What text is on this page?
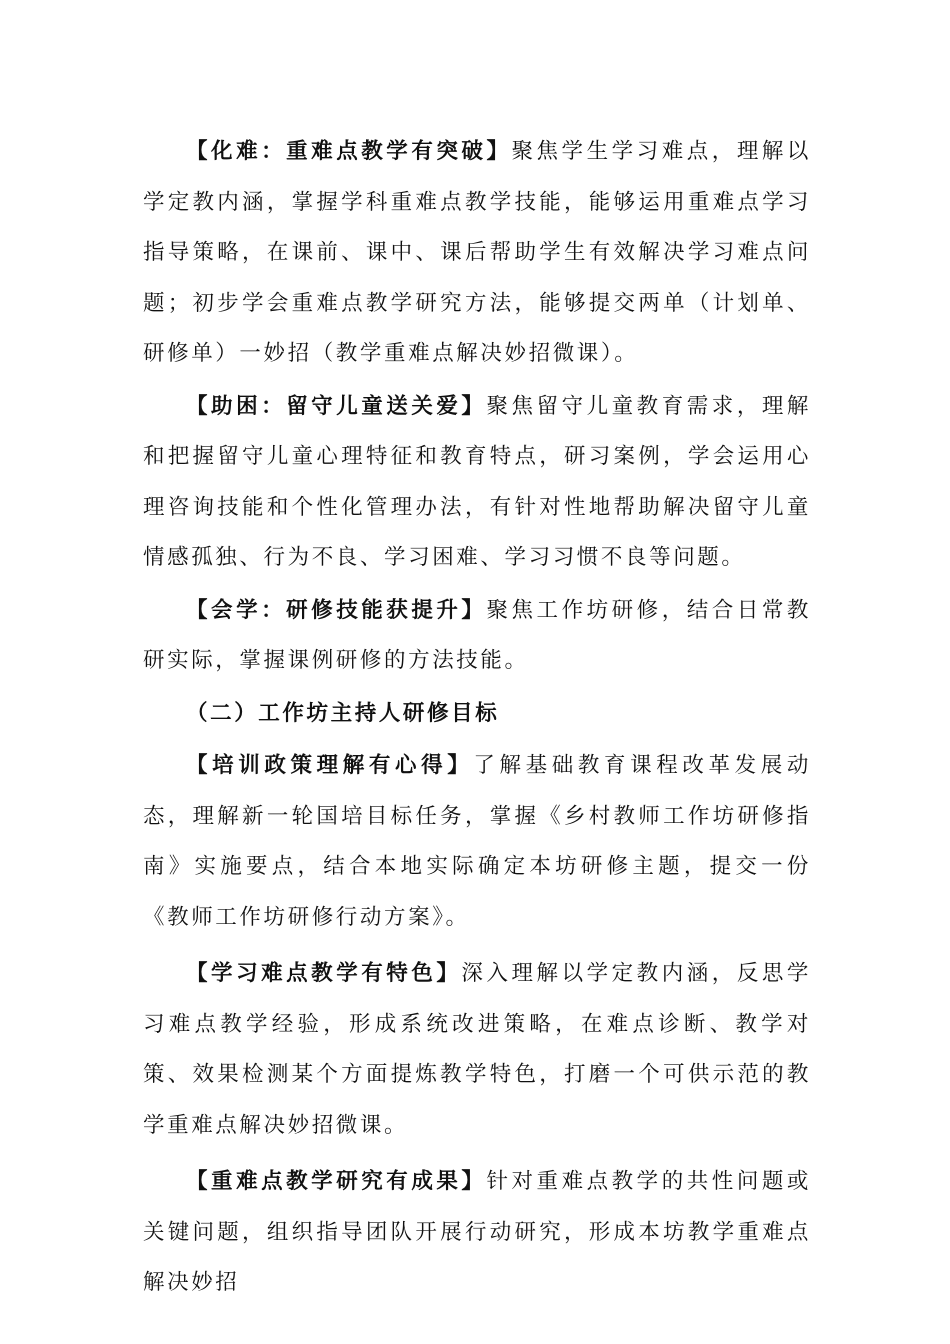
【化难：重难点教学有突破】聚焦学生学习难点，理解以学定教内涵，掌握学科重难点教学技能，能够运用重难点学习指导策略，在课前、课中、课后帮助学生有效解决学习难点问题；初步学会重难点教学研究方法，能够提交两单（计划单、研修单）一妙招（教学重难点解决妙招微课）。

【助困：留守儿童送关爱】聚焦留守儿童教育需求，理解和把握留守儿童心理特征和教育特点，研习案例，学会运用心理咨询技能和个性化管理办法，有针对性地帮助解决留守儿童情感孤独、行为不良、学习困难、学习习惯不良等问题。

【会学：研修技能获提升】聚焦工作坊研修，结合日常教研实际，掌握课例研修的方法技能。

（二）工作坊主持人研修目标

【培训政策理解有心得】了解基础教育课程改革发展动态，理解新一轮国培目标任务，掌握《乡村教师工作坊研修指南》实施要点，结合本地实际确定本坊研修主题，提交一份《教师工作坊研修行动方案》。

【学习难点教学有特色】深入理解以学定教内涵，反思学习难点教学经验，形成系统改进策略，在难点诊断、教学对策、效果检测某个方面提炼教学特色，打磨一个可供示范的教学重难点解决妙招微课。

【重难点教学研究有成果】针对重难点教学的共性问题或关键问题，组织指导团队开展行动研究，形成本坊教学重难点解决妙招
